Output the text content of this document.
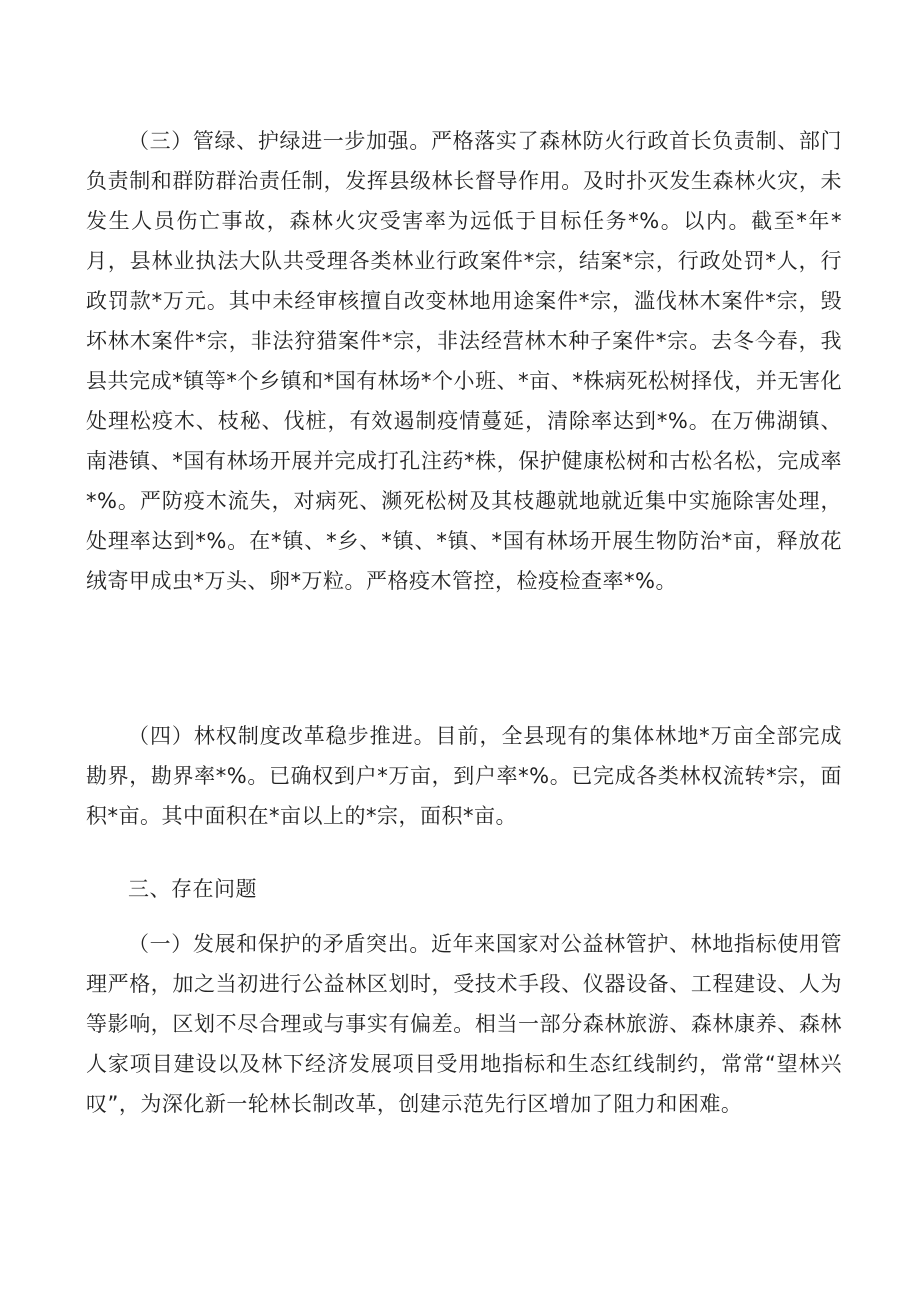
（三）管绿、护绿进一步加强。严格落实了森林防火行政首长负责制、部门负责制和群防群治责任制，发挥县级林长督导作用。及时扑灭发生森林火灾，未发生人员伤亡事故，森林火灾受害率为远低于目标任务*%。以内。截至*年*月，县林业执法大队共受理各类林业行政案件*宗，结案*宗，行政处罚*人，行政罚款*万元。其中未经审核擅自改变林地用途案件*宗，滥伐林木案件*宗，毁坏林木案件*宗，非法狩猎案件*宗，非法经营林木种子案件*宗。去冬今春，我县共完成*镇等*个乡镇和*国有林场*个小班、*亩、*株病死松树择伐，并无害化处理松疫木、枝秘、伐桩，有效遏制疫情蔓延，清除率达到*%。在万佛湖镇、南港镇、*国有林场开展并完成打孔注药*株，保护健康松树和古松名松，完成率*%。严防疫木流失，对病死、濒死松树及其枝趣就地就近集中实施除害处理，处理率达到*%。在*镇、*乡、*镇、*镇、*国有林场开展生物防治*亩，释放花绒寄甲成虫*万头、卵*万粒。严格疫木管控，检疫检查率*%。

（四）林权制度改革稳步推进。目前，全县现有的集体林地*万亩全部完成勘界，勘界率*%。已确权到户*万亩，到户率*%。已完成各类林权流转*宗，面积*亩。其中面积在*亩以上的*宗，面积*亩。

三、存在问题

（一）发展和保护的矛盾突出。近年来国家对公益林管护、林地指标使用管理严格，加之当初进行公益林区划时，受技术手段、仪器设备、工程建设、人为等影响，区划不尽合理或与事实有偏差。相当一部分森林旅游、森林康养、森林人家项目建设以及林下经济发展项目受用地指标和生态红线制约，常常“望林兴叹”，为深化新一轮林长制改革，创建示范先行区增加了阻力和困难。
